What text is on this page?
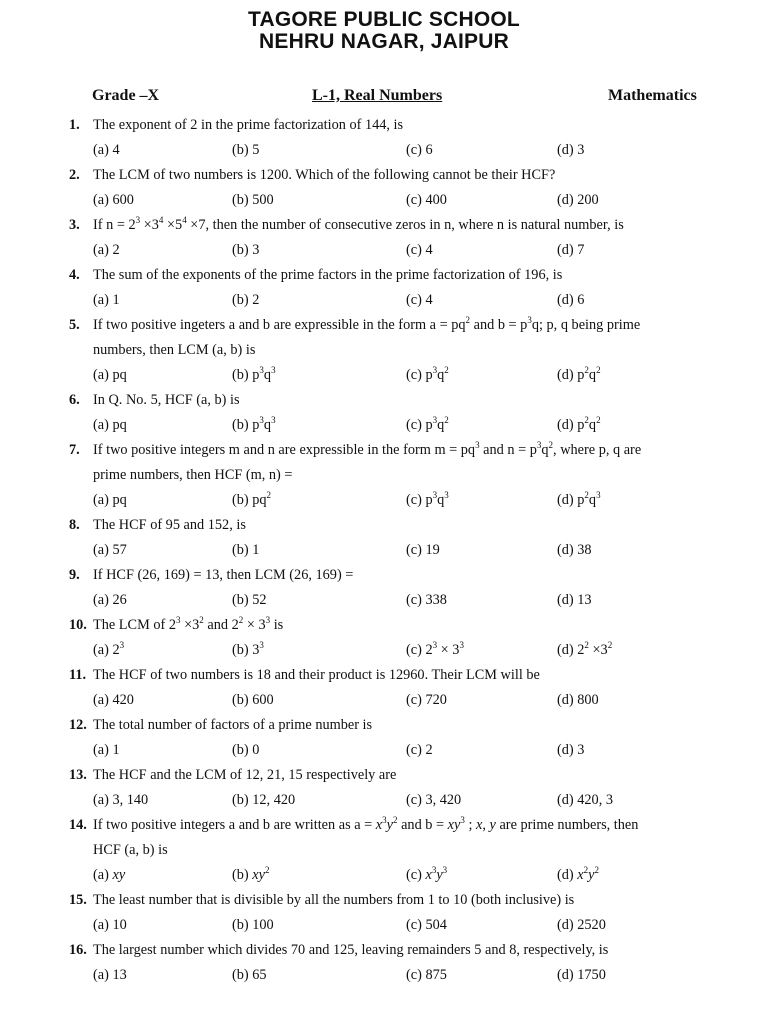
TAGORE PUBLIC SCHOOL
NEHRU NAGAR, JAIPUR
Grade –X	L-1, Real Numbers	Mathematics
1. The exponent of 2 in the prime factorization of 144, is
(a) 4	(b) 5	(c) 6	(d) 3
2. The LCM of two numbers is 1200. Which of the following cannot be their HCF?
(a) 600	(b) 500	(c) 400	(d) 200
3. If $n = 2^3 \times 3^4 \times 5^4 \times 7$, then the number of consecutive zeros in n, where n is natural number, is
(a) 2	(b) 3	(c) 4	(d) 7
4. The sum of the exponents of the prime factors in the prime factorization of 196, is
(a) 1	(b) 2	(c) 4	(d) 6
5. If two positive ingeters a and b are expressible in the form $a = pq^2$ and $b = p^3q$; p, q being prime
numbers, then LCM (a, b) is
(a) pq	(b) $p^3q^3$	(c) $p^3q^2$	(d) $p^2q^2$
6. In Q. No. 5, HCF (a, b) is
(a) pq	(b) $p^3q^3$	(c) $p^3q^2$	(d) $p^2q^2$
7. If two positive integers m and n are expressible in the form $m = pq^3$ and $n = p^3q^2$, where p, q are
prime numbers, then HCF (m, n) =
(a) pq	(b) $pq^2$	(c) $p^3q^3$	(d) $p^2q^3$
8. The HCF of 95 and 152, is
(a) 57	(b) 1	(c) 19	(d) 38
9. If HCF (26, 169) = 13, then LCM (26, 169) =
(a) 26	(b) 52	(c) 338	(d) 13
10. The LCM of $2^3 \times 3^2$ and $2^2 \times 3^3$ is
(a) $2^3$	(b) $3^3$	(c) $2^3 \times 3^3$	(d) $2^2 \times 3^2$
11. The HCF of two numbers is 18 and their product is 12960. Their LCM will be
(a) 420	(b) 600	(c) 720	(d) 800
12. The total number of factors of a prime number is
(a) 1	(b) 0	(c) 2	(d) 3
13. The HCF and the LCM of 12, 21, 15 respectively are
(a) 3, 140	(b) 12, 420	(c) 3, 420	(d) 420, 3
14. If two positive integers a and b are written as $a = x^3y^2$ and $b = xy^3$ ; x, y are prime numbers, then
HCF (a, b) is
(a) xy	(b) $xy^2$	(c) $x^3y^3$	(d) $x^2y^2$
15. The least number that is divisible by all the numbers from 1 to 10 (both inclusive) is
(a) 10	(b) 100	(c) 504	(d) 2520
16. The largest number which divides 70 and 125, leaving remainders 5 and 8, respectively, is
(a) 13	(b) 65	(c) 875	(d) 1750
